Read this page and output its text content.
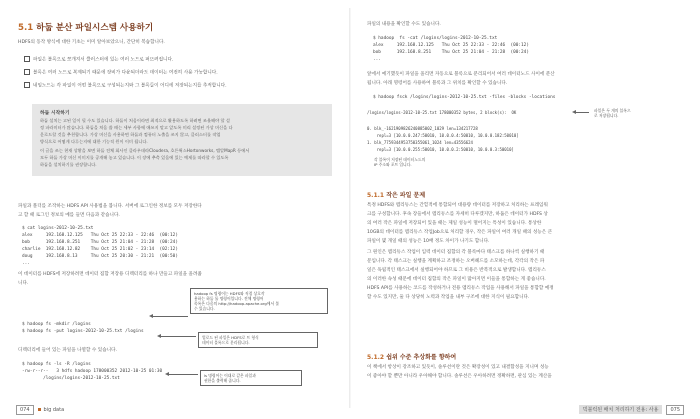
5.1 하둡 분산 파일시스템 사용하기
HDFS의 동작 방식에 대한 기초는 이미 알아보았으니, 간단히 복습합니다.
파일은 블록으로 쪼개져서 클러스터에 있는 여러 노드로 퍼뜨려집니다.
블록은 여러 노드로 복제되기 때문에 장비가 다운되더라도 데이터는 여전히 사용 가능합니다.
네임노드는 각 파일이 어떤 블록으로 구성되는지와 그 블록들이 어디에 저장되는지를 추적합니다.
하둡 시작하기
하둡 설치는 고된 일이 될 수도 있습니다. 하둡이 처음이라면 최적으로 활용하도록 하려면 조율해야 할 설
정 파라미터가 많습니다. 하둡을 처음 쓸 때는 세부 사항에 애쓰지 말고 앞도록 미리 설정된 가상 머신을 다
운로드할 것을 추천합니다. 가상 머신을 사용하면 하둡과 컴퓨터 노출을 쓰지 않고, 클러스터를 작업
방식으로 어떻게 다루는지에 대한 기능적 윈이 이미 됩니다.
이 글을 쓰는 현재 상황을 보면 하둡 전체 회사인 클라우데라Cloudera, 호튼웍스Hortonworks, 맵알MapR 등에서
모두 하둡 가상 머신 이미지를 공개해 놓고 있습니다. 이 장에 추측 있음에 있는 예제를 따라할 수 있도록
하둡을 설치하기를 권장합니다.
파일과 폴더를 조작하는 HDFS API 사용법을 봅니다. 서버에 로그인한 정보를 모두 저장한다
고 할 때 로그인 정보의 예를 들면 다음과 같습니다.
$ cat logins-2012-10-25.txt
alex     192.168.12.125   Thu Oct 25 22:33 - 22:46  (00:12)
bob      192.168.8.251    Thu Oct 25 21:04 - 21:28  (00:24)
charlie  192.168.12.82    Thu Oct 25 21:02 - 23:14  (02:12)
doug     192.168.8.13     Thu Oct 25 20:30 - 21:21  (00:50)
...
이 데이터를 HDFS에 저장하려면 데이터 집합 저장용 디렉터리를 하나 만들고 파일을 올려줍
니다.
hadoop fs 명령어는 HDFS와 직접 상호작
용하는 하둡 툴 명령어입니다. 전체 명령어
목록은 다음의 http://hadoop.apache.org에서 볼
수 있습니다.
$ hadoop fs -mkdir /logins
$ hadoop fs -put logins-2012-10-25.txt /logins
업로드 된 파일은 HDFS로 트 형식
데이터 블록으로 분리됩니다.
디렉터리에 들어 있는 파일을 나열할 수 있습니다.
$ hadoop fs -ls -R /logins
-rw-r--r--   3 hdfs hadoop 178000352 2012-10-25 01:30
/logins/logins-2012-10-25.txt
ls 명령어는 이대로 같은 파일과
권한을 출력해 줍니다.
074	big data
파일의 내용을 확인할 수도 있습니다.
$ hadoop  fs -cat /logins/logins-2012-10-25.txt
alex     192.168.12.125   Thu Oct 25 22:33 - 22:46  (00:12)
bob      192.168.8.251    Thu Oct 25 21:04 - 21:28  (00:24)
...
앞에서 예기했듯이 파일을 올리면 자동으로 블록으로 분리되어서 여러 데이터노드 사이에 분산
됩니다. 아래 명령어를 사용하여 블록과 그 위치를 확인할 수 있습니다.
$ hadoop fsck /logins/logins-2012-10-25.txt -files -blocks -locations
/logins/logins-2012-10-25.txt 178000352 bytes, 2 block(s):  OK
0. blk_-1621909826240885002_1029 len=134217728
repl=3 [10.0.0.247:50010, 10.0.0.4:50010, 10.0.0.182:50010]
1. blk_7759344953750355061_1024 len=43556624
repl=3 [10.0.0.255:50010, 10.0.0.2:50010, 10.0.0.3:50010]
파일은 두 개의 블록으
로 저장됩니다.
각 블록이 저장된 데이터노드의
IP 주소와 포트 입니다.
5.1.1 작은 파일 문제
특정 HDFS와 맵리듀스는 간헐적에 통합되어 대용량 데이터를 저장하고 처리하는 프레임워
크를 구성합니다. 후속 장들에서 맵리듀스를 자세히 다루겠지만, 하둡은 데이터가 HDFS 상
의 여러 작은 파일에 저장되어 있을 때는 제일 성능이 떨어지는 특성이 있습니다. 통상한
10GB의 데이터를 맵리듀스 작업Job으로 처리할 경우, 작은 파일이 여러 개일 때의 성능은 큰
파일이 몇 개일 때의 성능은 10배 정도 차이가 나기도 합니다.
그 원인은 맵리듀스 작업이 입력 데이터 집합의 각 블록마다 태스크를 하나씩 실행하기 때
문입니다. 각 태스크는 실행을 계획하고 조정하는 오버헤드를 소모하는데, 각각의 작은 파
일은 독립적인 태스크에서 실행되어야 하므로 그 비용은 반복적으로 발생합니다. 맵리듀스
의 이러한 속성 때문에 데이터 집합의 작은 파일이 많아지면 이들을 통합하는 게 좋습니다.
HDFS API를 사용하는 코드를 작성하거나 전용 맵리듀스 작업을 사용해서 파일을 통합할 예정
할 수도 있지만, 둘 다 상당히 노력과 작업을 내부 구조에 대한 지식이 필요합니다.
5.1.2 쉽위 수준 추상화를 향하여
이 책에서 항상이 강조하고 있듯이, 솔루션이란 것은 확장성이 있고 내결함성을 지니며 성능
이 좋아야 할 뿐만 아니라 우아해야 합니다. 솔루션은 우아하려면 정확하면, 관심 있는 계산을
빅블럭된 배치 처리하기 전용: 사용 075
